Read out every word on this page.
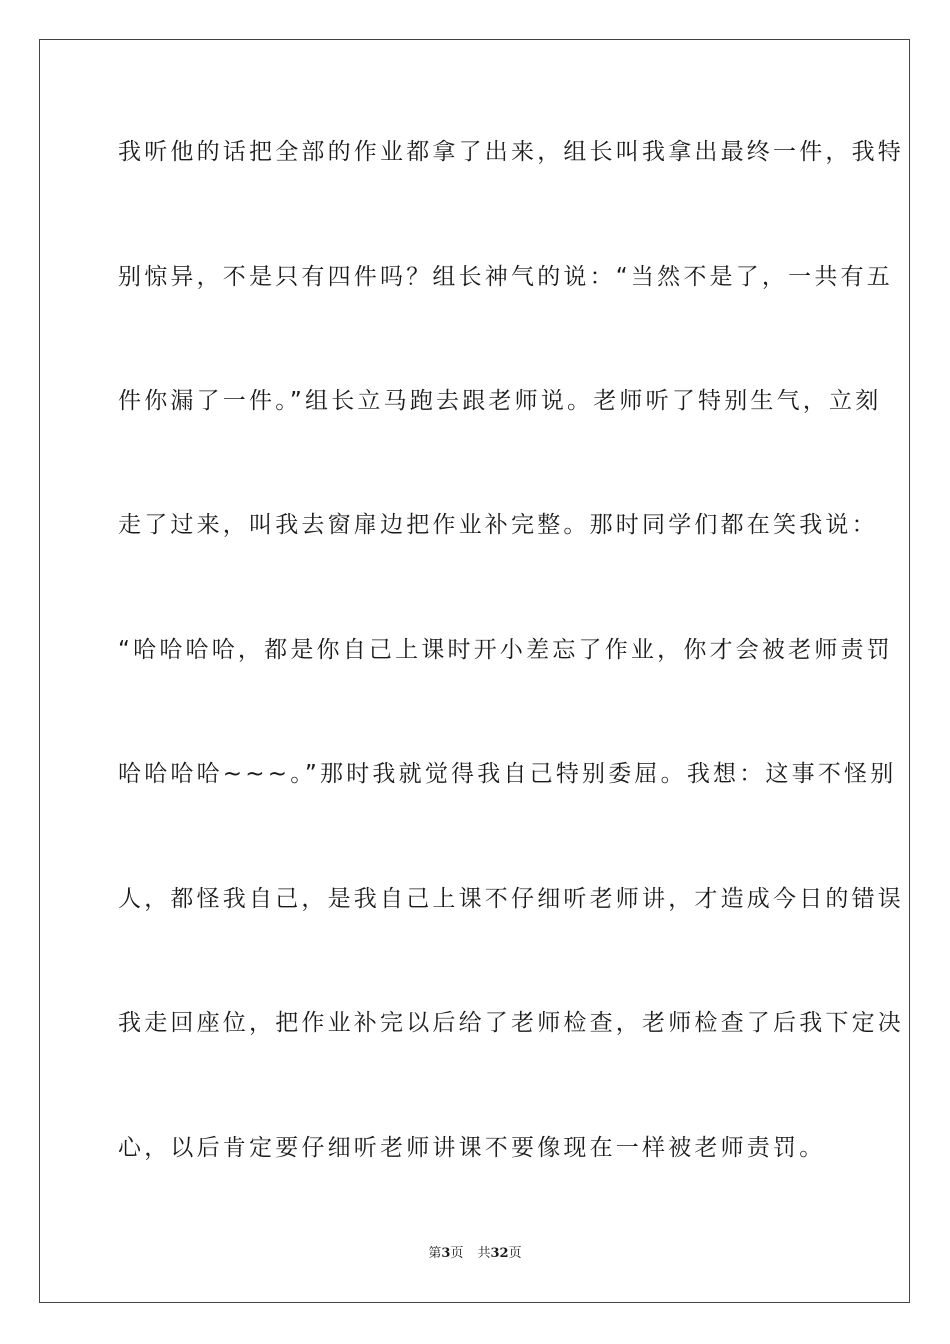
我听他的话把全部的作业都拿了出来，组长叫我拿出最终一件，我特
别惊异，不是只有四件吗？组长神气的说：“当然不是了，一共有五
件你漏了一件。”组长立马跑去跟老师说。老师听了特别生气，立刻
走了过来，叫我去窗扉边把作业补完整。那时同学们都在笑我说：
“哈哈哈哈，都是你自己上课时开小差忘了作业，你才会被老师责罚
哈哈哈哈~~~。”那时我就觉得我自己特别委屈。我想：这事不怪别
人，都怪我自己，是我自己上课不仔细听老师讲，才造成今日的错误
我走回座位，把作业补完以后给了老师检查，老师检查了后我下定决
心，以后肯定要仔细听老师讲课不要像现在一样被老师责罚。
第3页 共32页
